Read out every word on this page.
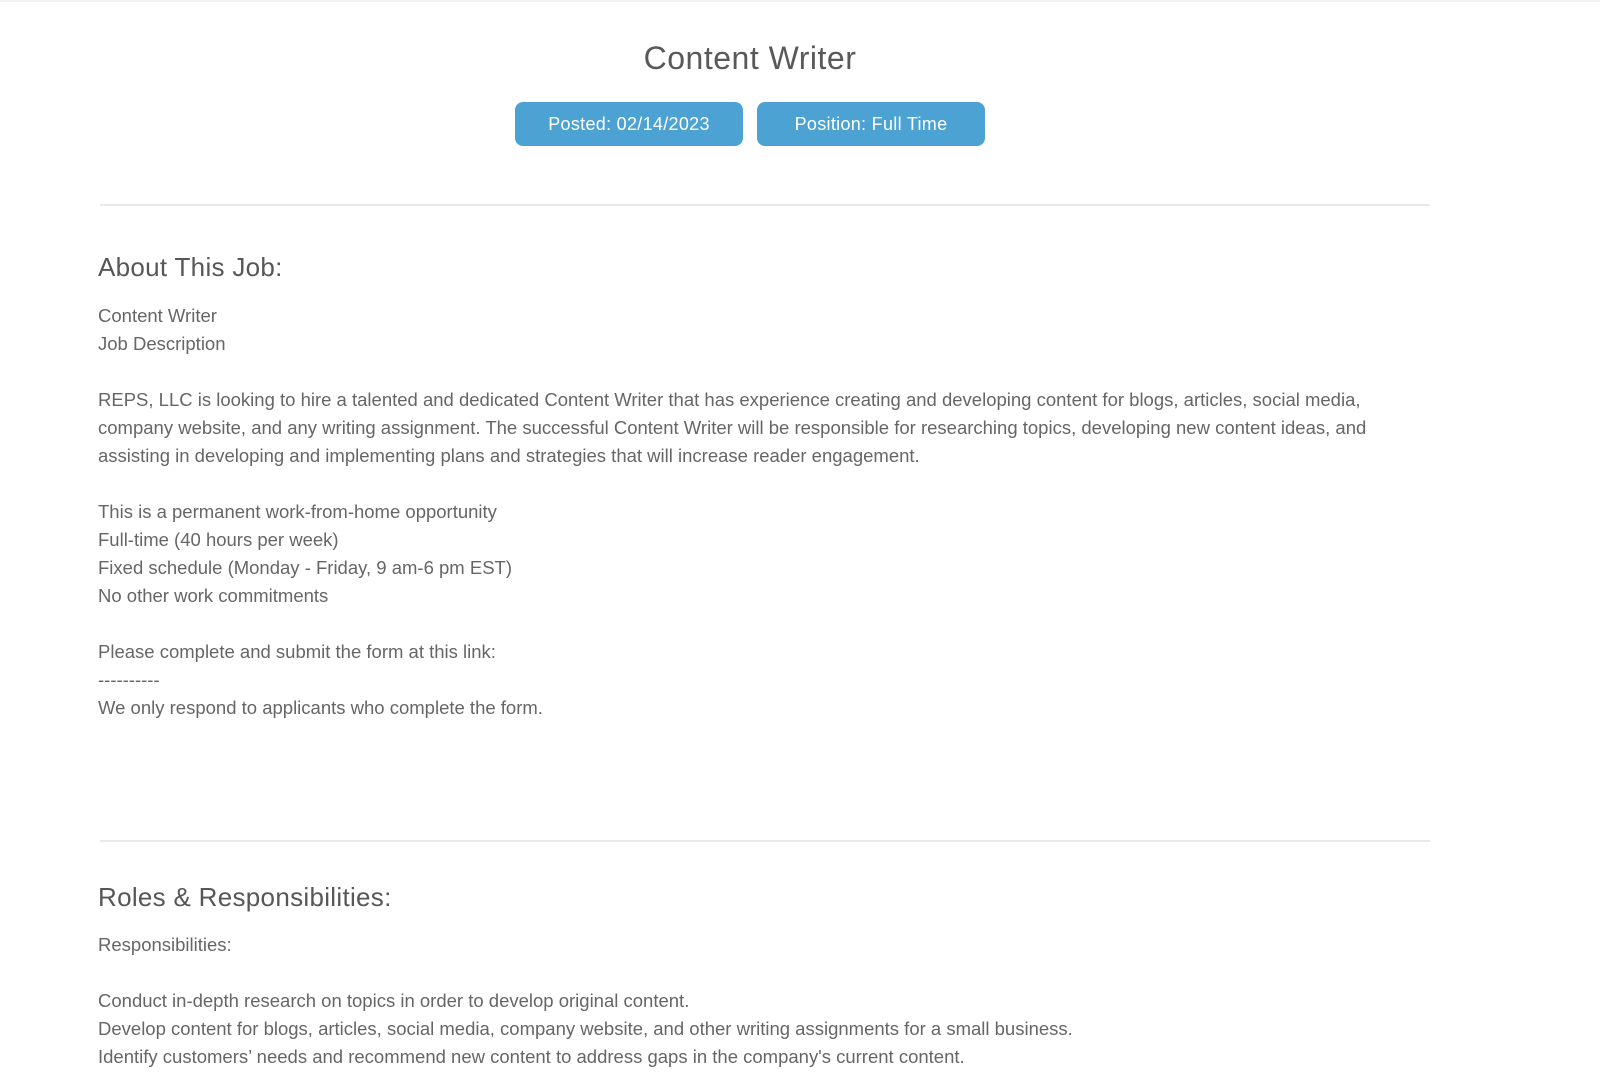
Content Writer
Posted: 02/14/2023	Position: Full Time
About This Job:

Content Writer
Job Description

REPS, LLC is looking to hire a talented and dedicated Content Writer that has experience creating and developing content for blogs, articles, social media, company website, and any writing assignment. The successful Content Writer will be responsible for researching topics, developing new content ideas, and assisting in developing and implementing plans and strategies that will increase reader engagement.

This is a permanent work-from-home opportunity
Full-time (40 hours per week)
Fixed schedule (Monday - Friday, 9 am-6 pm EST)
No other work commitments

Please complete and submit the form at this link:
----------
We only respond to applicants who complete the form.

Roles & Responsibilities:

Responsibilities:

Conduct in-depth research on topics in order to develop original content.
Develop content for blogs, articles, social media, company website, and other writing assignments for a small business.
Identify customers’ needs and recommend new content to address gaps in the company's current content.
